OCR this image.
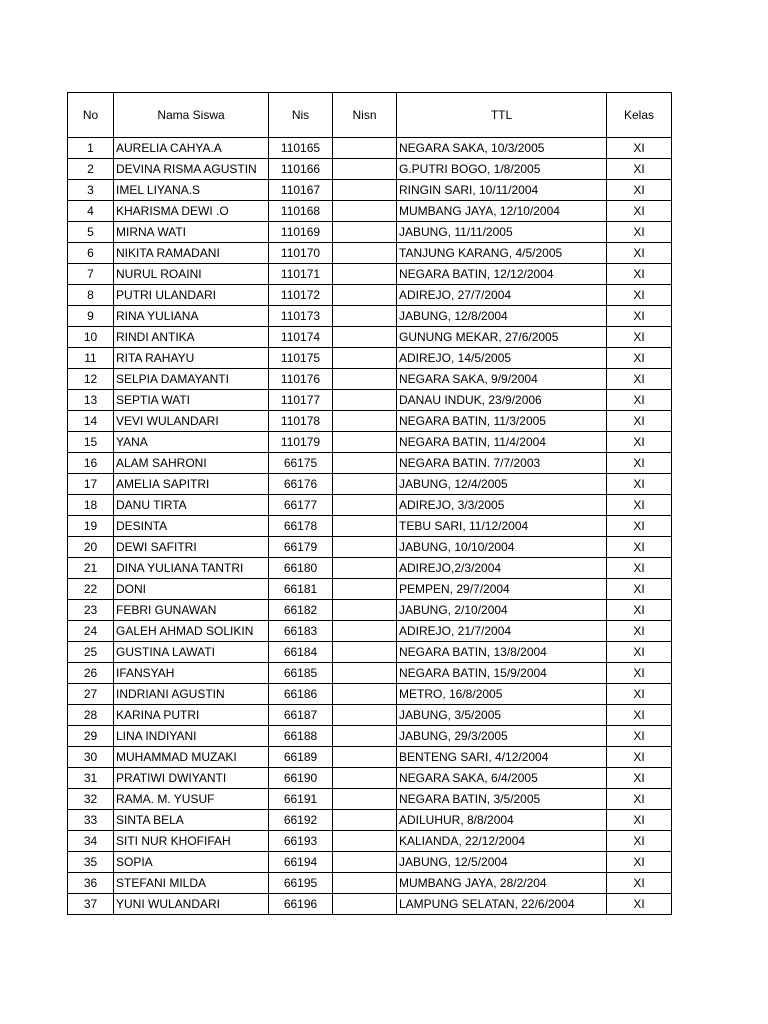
No	Nama Siswa	Nis	Nisn	TTL	Kelas
1	AURELIA CAHYA.A	110165		NEGARA SAKA, 10/3/2005	XI
2	DEVINA RISMA AGUSTIN	110166		G.PUTRI BOGO, 1/8/2005	XI
3	IMEL LIYANA.S	110167		RINGIN SARI, 10/11/2004	XI
4	KHARISMA DEWI .O	110168		MUMBANG JAYA, 12/10/2004	XI
5	MIRNA WATI	110169		JABUNG, 11/11/2005	XI
6	NIKITA RAMADANI	110170		TANJUNG KARANG, 4/5/2005	XI
7	NURUL ROAINI	110171		NEGARA BATIN, 12/12/2004	XI
8	PUTRI ULANDARI	110172		ADIREJO, 27/7/2004	XI
9	RINA YULIANA	110173		JABUNG, 12/8/2004	XI
10	RINDI ANTIKA	110174		GUNUNG MEKAR, 27/6/2005	XI
11	RITA RAHAYU	110175		ADIREJO, 14/5/2005	XI
12	SELPIA DAMAYANTI	110176		NEGARA SAKA, 9/9/2004	XI
13	SEPTIA WATI	110177		DANAU INDUK, 23/9/2006	XI
14	VEVI WULANDARI	110178		NEGARA BATIN, 11/3/2005	XI
15	YANA	110179		NEGARA BATIN, 11/4/2004	XI
16	ALAM SAHRONI	66175		NEGARA BATIN. 7/7/2003	XI
17	AMELIA SAPITRI	66176		JABUNG, 12/4/2005	XI
18	DANU TIRTA	66177		ADIREJO, 3/3/2005	XI
19	DESINTA	66178		TEBU SARI, 11/12/2004	XI
20	DEWI SAFITRI	66179		JABUNG, 10/10/2004	XI
21	DINA YULIANA TANTRI	66180		ADIREJO,2/3/2004	XI
22	DONI	66181		PEMPEN, 29/7/2004	XI
23	FEBRI GUNAWAN	66182		JABUNG, 2/10/2004	XI
24	GALEH AHMAD SOLIKIN	66183		ADIREJO, 21/7/2004	XI
25	GUSTINA LAWATI	66184		NEGARA BATIN, 13/8/2004	XI
26	IFANSYAH	66185		NEGARA BATIN, 15/9/2004	XI
27	INDRIANI AGUSTIN	66186		METRO, 16/8/2005	XI
28	KARINA PUTRI	66187		JABUNG, 3/5/2005	XI
29	LINA INDIYANI	66188		JABUNG, 29/3/2005	XI
30	MUHAMMAD MUZAKI	66189		BENTENG SARI, 4/12/2004	XI
31	PRATIWI DWIYANTI	66190		NEGARA SAKA, 6/4/2005	XI
32	RAMA. M. YUSUF	66191		NEGARA BATIN, 3/5/2005	XI
33	SINTA BELA	66192		ADILUHUR, 8/8/2004	XI
34	SITI NUR KHOFIFAH	66193		KALIANDA, 22/12/2004	XI
35	SOPIA	66194		JABUNG, 12/5/2004	XI
36	STEFANI MILDA	66195		MUMBANG JAYA, 28/2/204	XI
37	YUNI WULANDARI	66196		LAMPUNG SELATAN, 22/6/2004	XI
